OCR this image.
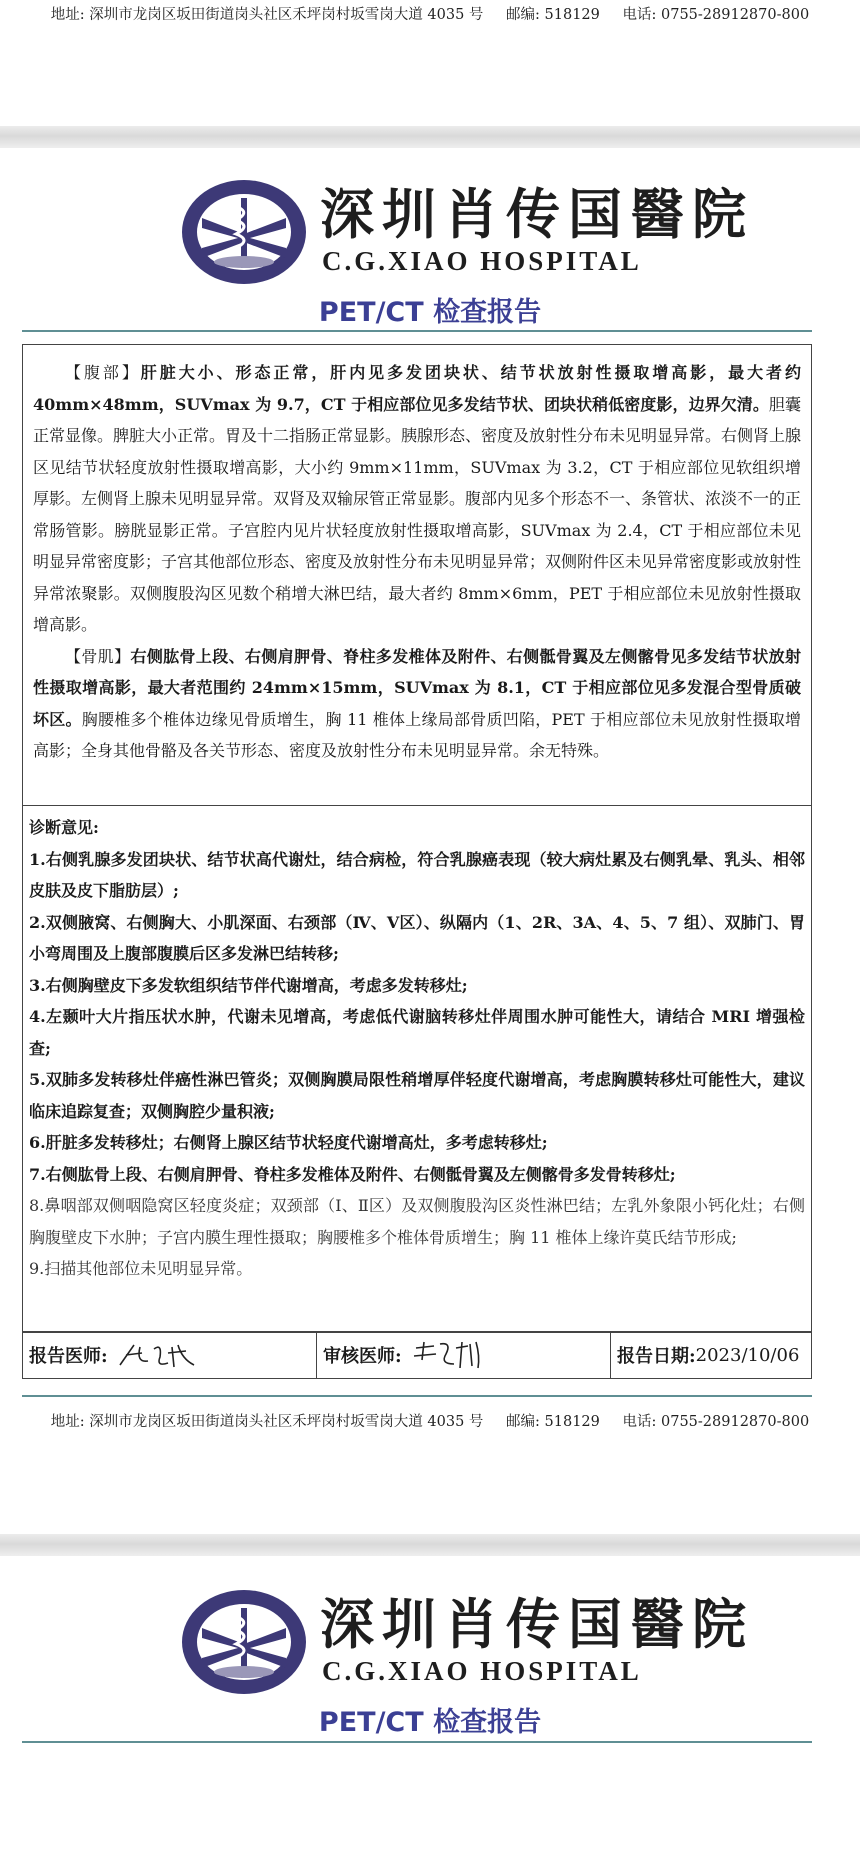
地址: 深圳市龙岗区坂田街道岗头社区禾坪岗村坂雪岗大道 4035 号 邮编: 518129 电话: 0755-28912870-800
深圳肖传国醫院
C.G.XIAO HOSPITAL
PET/CT 检查报告

【腹部】肝脏大小、形态正常，肝内见多发团块状、结节状放射性摄取增高影，最大者约 40mm×48mm，SUVmax 为 9.7，CT 于相应部位见多发结节状、团块状稍低密度影，边界欠清。胆囊正常显像。脾脏大小正常。胃及十二指肠正常显影。胰腺形态、密度及放射性分布未见明显异常。右侧肾上腺区见结节状轻度放射性摄取增高影，大小约 9mm×11mm，SUVmax 为 3.2，CT 于相应部位见软组织增厚影。左侧肾上腺未见明显异常。双肾及双输尿管正常显影。腹部内见多个形态不一、条管状、浓淡不一的正常肠管影。膀胱显影正常。子宫腔内见片状轻度放射性摄取增高影，SUVmax 为 2.4，CT 于相应部位未见明显异常密度影；子宫其他部位形态、密度及放射性分布未见明显异常；双侧附件区未见异常密度影或放射性异常浓聚影。双侧腹股沟区见数个稍增大淋巴结，最大者约 8mm×6mm，PET 于相应部位未见放射性摄取增高影。

【骨肌】右侧肱骨上段、右侧肩胛骨、脊柱多发椎体及附件、右侧骶骨翼及左侧髂骨见多发结节状放射性摄取增高影，最大者范围约 24mm×15mm，SUVmax 为 8.1，CT 于相应部位见多发混合型骨质破坏区。胸腰椎多个椎体边缘见骨质增生，胸 11 椎体上缘局部骨质凹陷，PET 于相应部位未见放射性摄取增高影；全身其他骨骼及各关节形态、密度及放射性分布未见明显异常。余无特殊。

诊断意见:
1.右侧乳腺多发团块状、结节状高代谢灶，结合病检，符合乳腺癌表现（较大病灶累及右侧乳晕、乳头、相邻皮肤及皮下脂肪层）;
2.双侧腋窝、右侧胸大、小肌深面、右颈部（Ⅳ、Ⅴ区）、纵隔内（1、2R、3A、4、5、7 组）、双肺门、胃小弯周围及上腹部腹膜后区多发淋巴结转移;
3.右侧胸壁皮下多发软组织结节伴代谢增高，考虑多发转移灶;
4.左颞叶大片指压状水肿，代谢未见增高，考虑低代谢脑转移灶伴周围水肿可能性大，请结合 MRI 增强检查;
5.双肺多发转移灶伴癌性淋巴管炎；双侧胸膜局限性稍增厚伴轻度代谢增高，考虑胸膜转移灶可能性大，建议临床追踪复查；双侧胸腔少量积液;
6.肝脏多发转移灶；右侧肾上腺区结节状轻度代谢增高灶，多考虑转移灶;
7.右侧肱骨上段、右侧肩胛骨、脊柱多发椎体及附件、右侧骶骨翼及左侧髂骨多发骨转移灶;
8.鼻咽部双侧咽隐窝区轻度炎症；双颈部（Ⅰ、Ⅱ区）及双侧腹股沟区炎性淋巴结；左乳外象限小钙化灶；右侧胸腹壁皮下水肿；子宫内膜生理性摄取；胸腰椎多个椎体骨质增生；胸 11 椎体上缘许莫氏结节形成;
9.扫描其他部位未见明显异常。
报告医师:	审核医师:	报告日期: 2023/10/06
地址: 深圳市龙岗区坂田街道岗头社区禾坪岗村坂雪岗大道 4035 号 邮编: 518129 电话: 0755-28912870-800
深圳肖传国醫院
C.G.XIAO HOSPITAL
PET/CT 检查报告
